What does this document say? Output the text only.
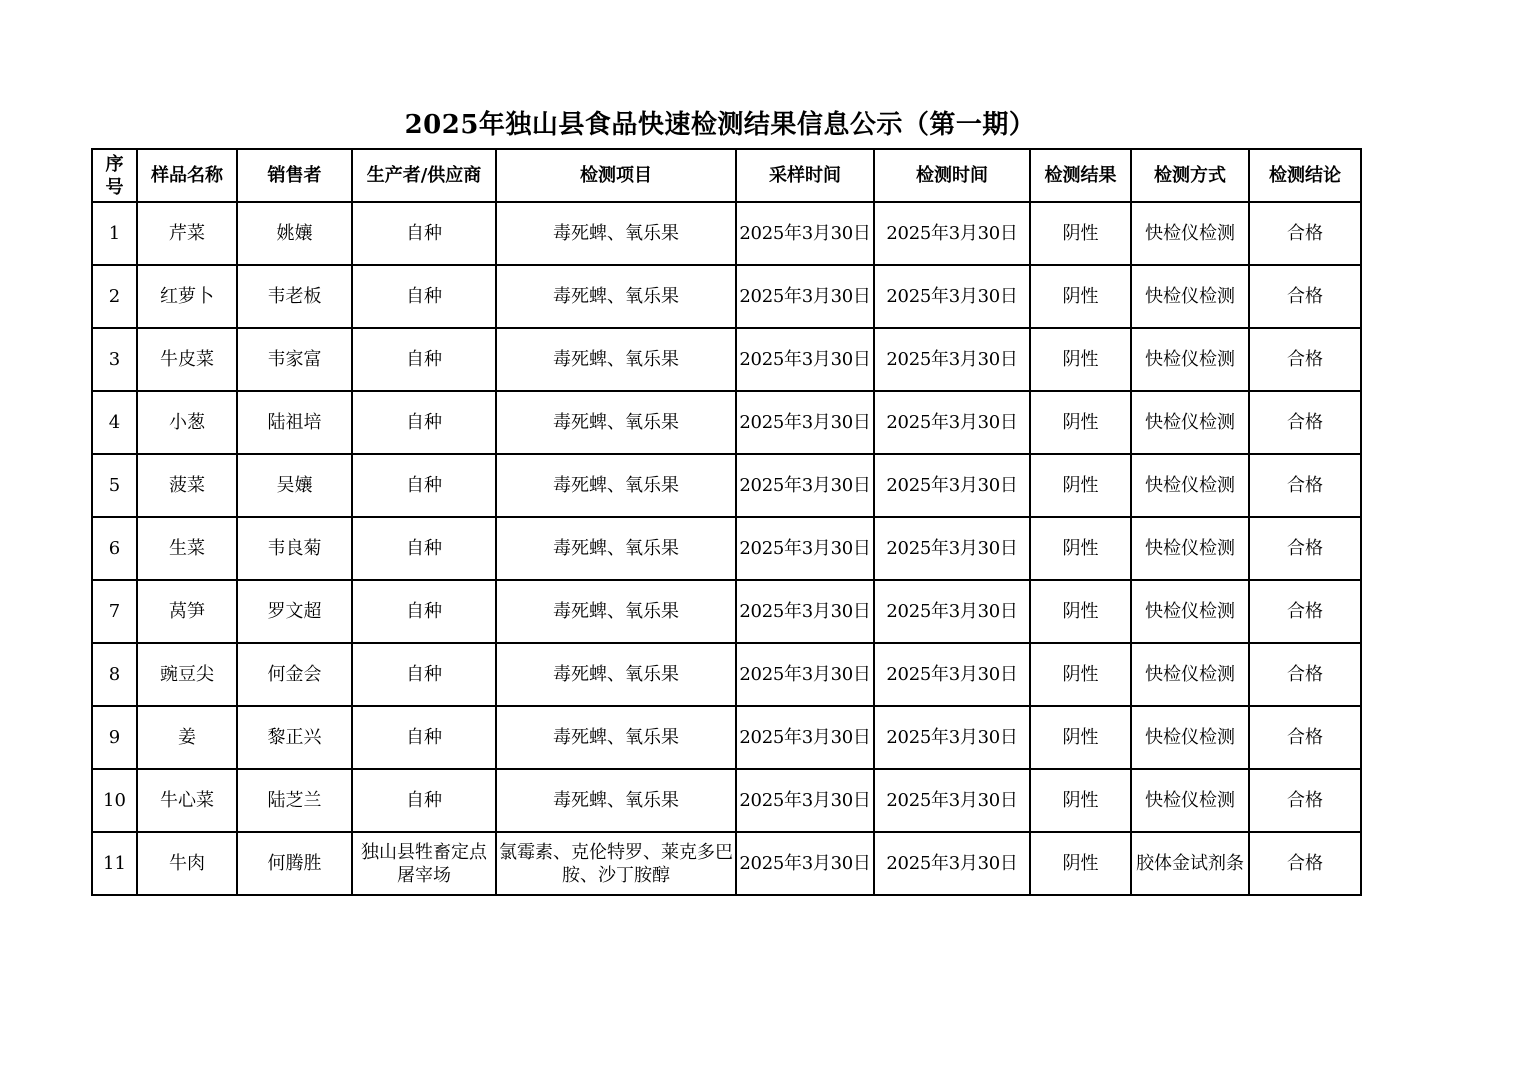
2025年独山县食品快速检测结果信息公示（第一期）
序号	样品名称	销售者	生产者/供应商	检测项目	采样时间	检测时间	检测结果	检测方式	检测结论
1	芹菜	姚孃	自种	毒死蜱、氧乐果	2025年3月30日	2025年3月30日	阴性	快检仪检测	合格
2	红萝卜	韦老板	自种	毒死蜱、氧乐果	2025年3月30日	2025年3月30日	阴性	快检仪检测	合格
3	牛皮菜	韦家富	自种	毒死蜱、氧乐果	2025年3月30日	2025年3月30日	阴性	快检仪检测	合格
4	小葱	陆祖培	自种	毒死蜱、氧乐果	2025年3月30日	2025年3月30日	阴性	快检仪检测	合格
5	菠菜	吴孃	自种	毒死蜱、氧乐果	2025年3月30日	2025年3月30日	阴性	快检仪检测	合格
6	生菜	韦良菊	自种	毒死蜱、氧乐果	2025年3月30日	2025年3月30日	阴性	快检仪检测	合格
7	莴笋	罗文超	自种	毒死蜱、氧乐果	2025年3月30日	2025年3月30日	阴性	快检仪检测	合格
8	豌豆尖	何金会	自种	毒死蜱、氧乐果	2025年3月30日	2025年3月30日	阴性	快检仪检测	合格
9	姜	黎正兴	自种	毒死蜱、氧乐果	2025年3月30日	2025年3月30日	阴性	快检仪检测	合格
10	牛心菜	陆芝兰	自种	毒死蜱、氧乐果	2025年3月30日	2025年3月30日	阴性	快检仪检测	合格
11	牛肉	何腾胜	独山县牲畜定点屠宰场	氯霉素、克伦特罗、莱克多巴胺、沙丁胺醇	2025年3月30日	2025年3月30日	阴性	胶体金试剂条	合格
